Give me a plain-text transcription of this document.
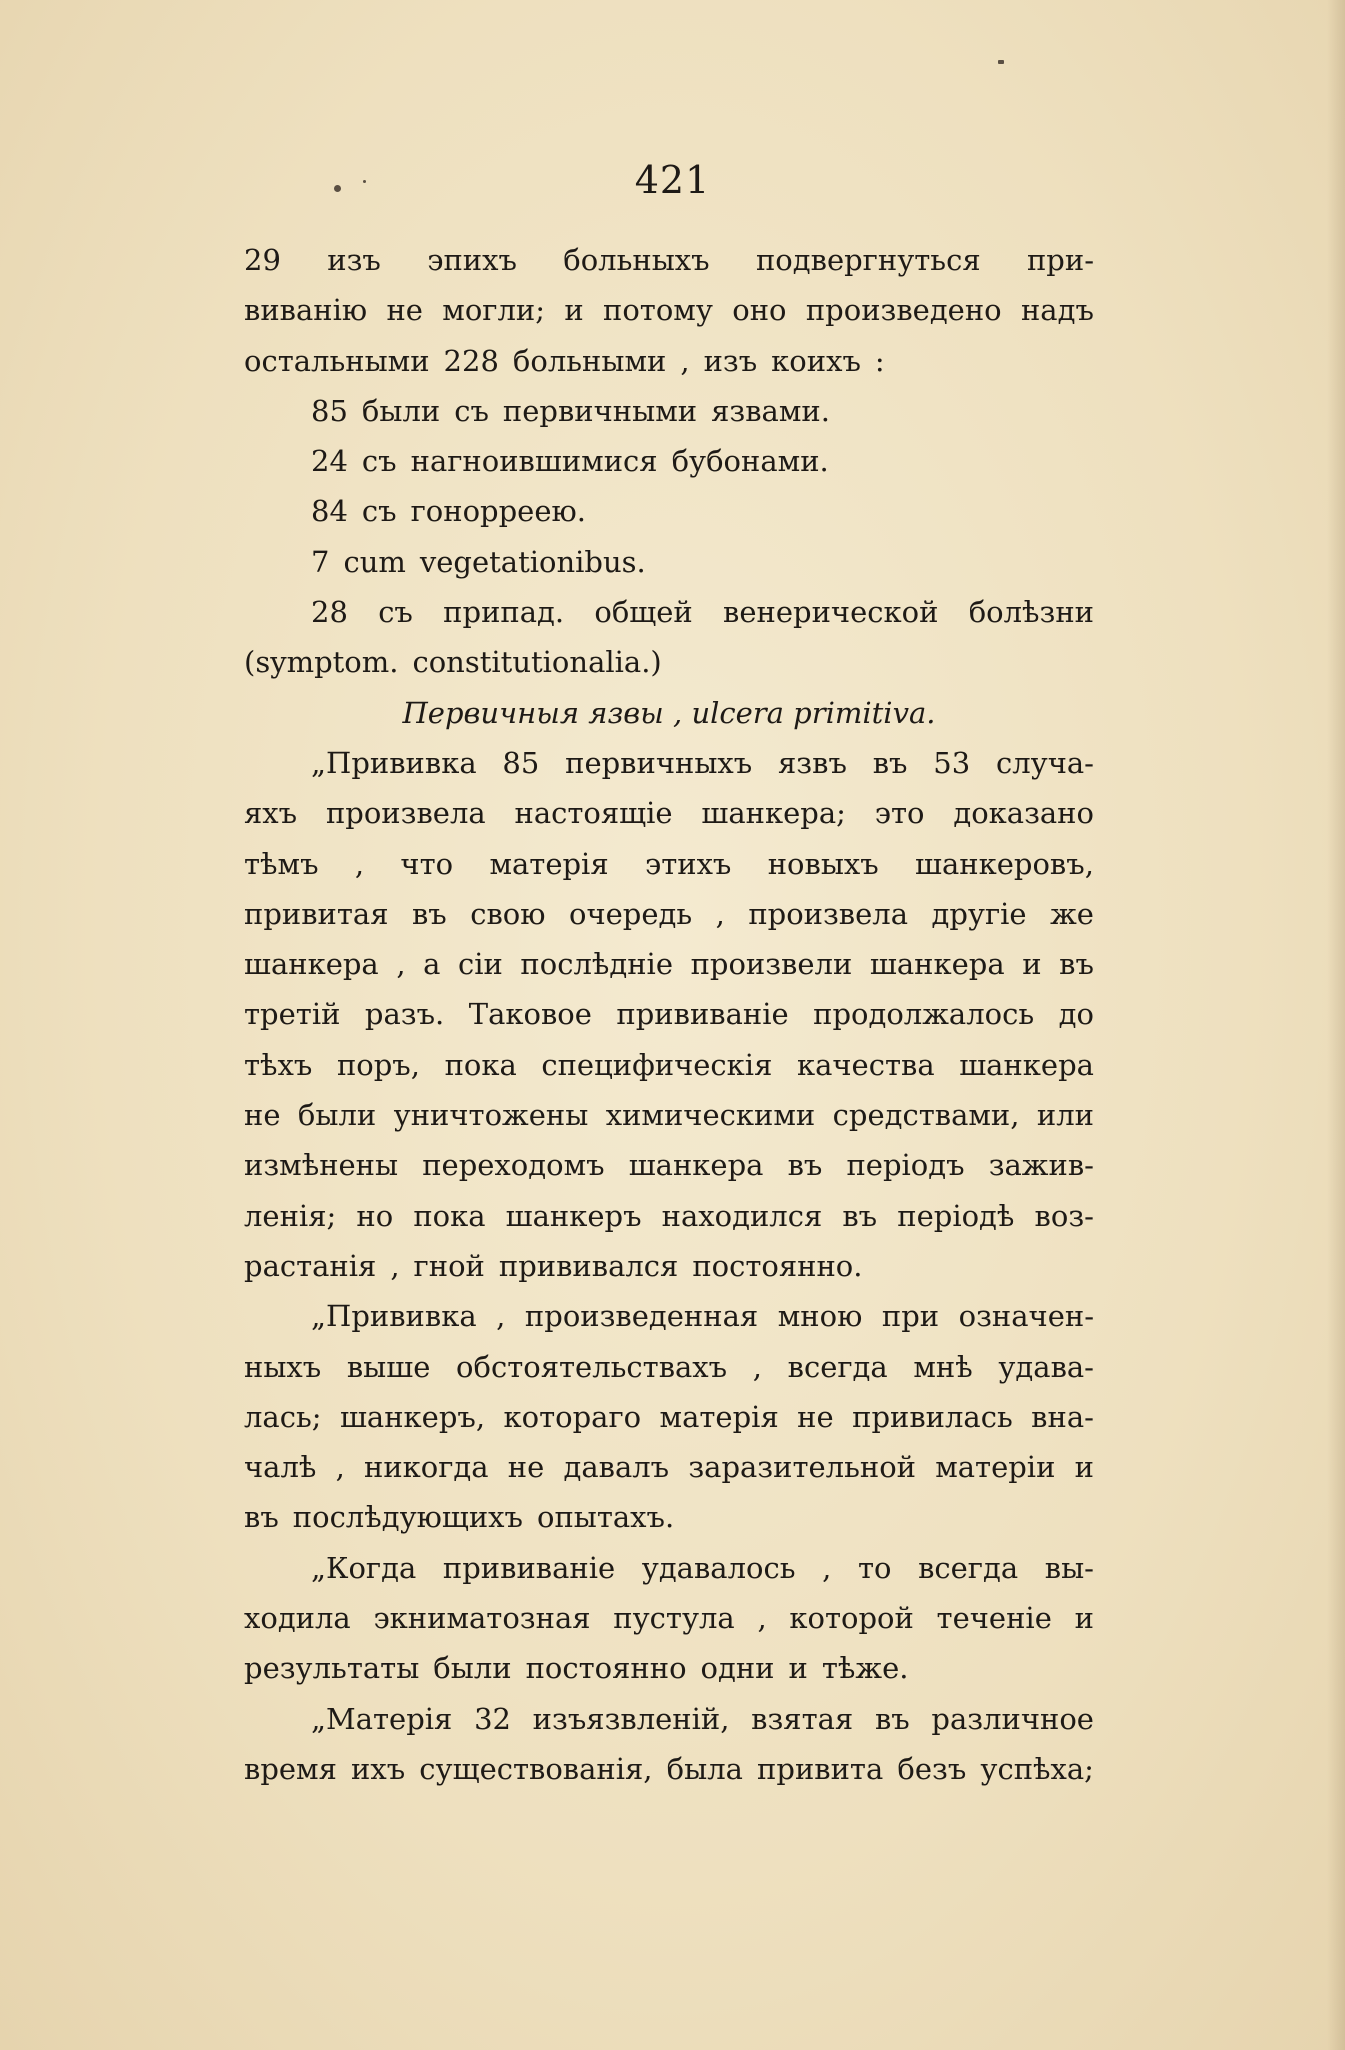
421
29 изъ эпихъ больныхъ подвергнуться при-
виванію не могли; и потому оно произведено надъ
остальными 228 больными , изъ коихъ :
85 были съ первичными язвами.
24 съ нагноившимися бубонами.
84 съ гонорреею.
7 cum vegetationibus.
28 съ припад. общей венерической болѣзни
(symptom. constitutionalia.)
Первичныя язвы , ulcera primitiva.
„Прививка 85 первичныхъ язвъ въ 53 случа-
яхъ произвела настоящіе шанкера; это доказано
тѣмъ , что матерія этихъ новыхъ шанкеровъ,
привитая въ свою очередь , произвела другіе же
шанкера , а сіи послѣдніе произвели шанкера и въ
третій разъ. Таковое прививаніе продолжалось до
тѣхъ поръ, пока специфическія качества шанкера
не были уничтожены химическими средствами, или
измѣнены переходомъ шанкера въ періодъ зажив-
ленія; но пока шанкеръ находился въ періодѣ воз-
растанія , гной прививался постоянно.
„Прививка , произведенная мною при означен-
ныхъ выше обстоятельствахъ , всегда мнѣ удава-
лась; шанкеръ, котораго матерія не привилась вна-
чалѣ , никогда не давалъ заразительной матеріи и
въ послѣдующихъ опытахъ.
„Когда прививаніе удавалось , то всегда вы-
ходила экниматозная пустула , которой теченіе и
результаты были постоянно одни и тѣже.
„Матерія 32 изъязвленій, взятая въ различное
время ихъ существованія, была привита безъ успѣха;
